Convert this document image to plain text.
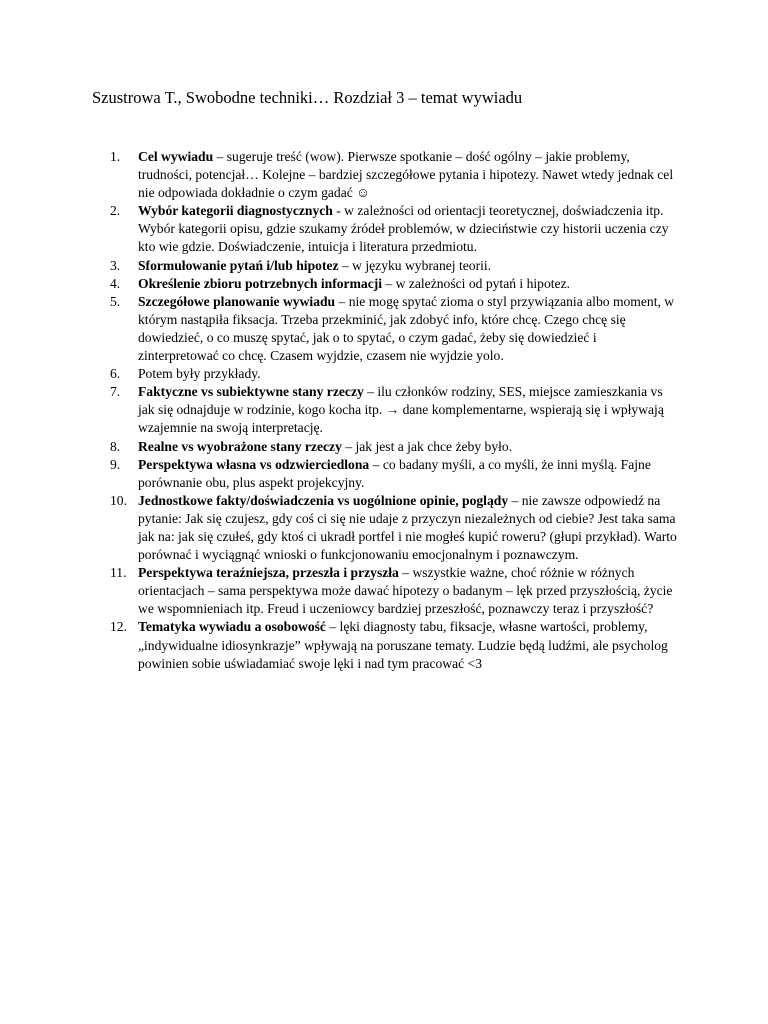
Szustrowa T., Swobodne techniki… Rozdział 3 – temat wywiadu
1. Cel wywiadu – sugeruje treść (wow). Pierwsze spotkanie – dość ogólny – jakie problemy, trudności, potencjał… Kolejne – bardziej szczegółowe pytania i hipotezy. Nawet wtedy jednak cel nie odpowiada dokładnie o czym gadać ☺
2. Wybór kategorii diagnostycznych - w zależności od orientacji teoretycznej, doświadczenia itp. Wybór kategorii opisu, gdzie szukamy źródeł problemów, w dzieciństwie czy historii uczenia czy kto wie gdzie. Doświadczenie, intuicja i literatura przedmiotu.
3. Sformułowanie pytań i/lub hipotez – w języku wybranej teorii.
4. Określenie zbioru potrzebnych informacji – w zależności od pytań i hipotez.
5. Szczegółowe planowanie wywiadu – nie mogę spytać zioma o styl przywiązania albo moment, w którym nastąpiła fiksacja. Trzeba przekminić, jak zdobyć info, które chcę. Czego chcę się dowiedzieć, o co muszę spytać, jak o to spytać, o czym gadać, żeby się dowiedzieć i zinterpretować co chcę. Czasem wyjdzie, czasem nie wyjdzie yolo.
6. Potem były przykłady.
7. Faktyczne vs subiektywne stany rzeczy – ilu członków rodziny, SES, miejsce zamieszkania vs jak się odnajduje w rodzinie, kogo kocha itp. → dane komplementarne, wspierają się i wpływają wzajemnie na swoją interpretację.
8. Realne vs wyobrażone stany rzeczy – jak jest a jak chce żeby było.
9. Perspektywa własna vs odzwierciedlona – co badany myśli, a co myśli, że inni myślą. Fajne porównanie obu, plus aspekt projekcyjny.
10. Jednostkowe fakty/doświadczenia vs uogólnione opinie, poglądy – nie zawsze odpowiedź na pytanie: Jak się czujesz, gdy coś ci się nie udaje z przyczyn niezależnych od ciebie? Jest taka sama jak na: jak się czułeś, gdy ktoś ci ukradł portfel i nie mogłeś kupić roweru? (głupi przykład). Warto porównać i wyciągnąć wnioski o funkcjonowaniu emocjonalnym i poznawczym.
11. Perspektywa teraźniejsza, przeszła i przyszła – wszystkie ważne, choć różnie w różnych orientacjach – sama perspektywa może dawać hipotezy o badanym – lęk przed przyszłością, życie we wspomnieniach itp. Freud i uczeniowcy bardziej przeszłość, poznawczy teraz i przyszłość?
12. Tematyka wywiadu a osobowość – lęki diagnosty tabu, fiksacje, własne wartości, problemy, „indywidualne idiosynkrazje” wpływają na poruszane tematy. Ludzie będą ludźmi, ale psycholog powinien sobie uświadamiać swoje lęki i nad tym pracować <3
